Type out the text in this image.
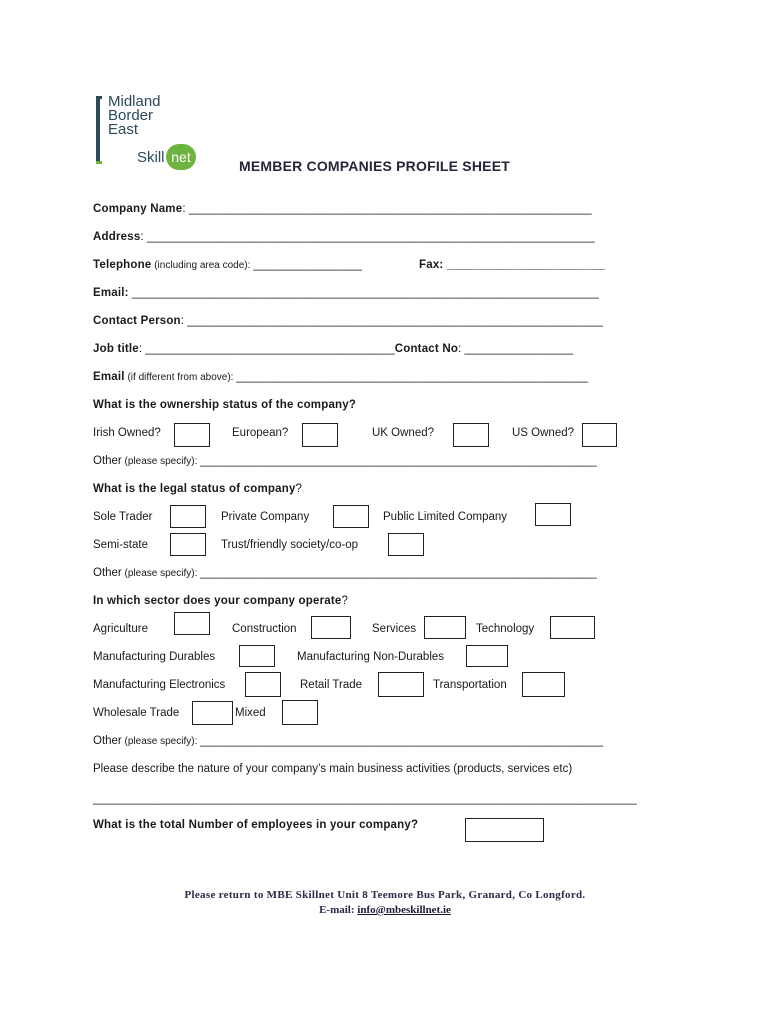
Midland
Border
East
Skill net
MEMBER COMPANIES PROFILE SHEET
Company Name: _______________________________________________________________
Address: ______________________________________________________________________
Telephone (including area code): _________________	Fax: ________________________
Email: _________________________________________________________________________
Contact Person: _________________________________________________________________
Job title: _______________________________________Contact No: _________________
Email (if different from above): _______________________________________________________
What is the ownership status of the company?
Irish Owned?	European?	UK Owned?	US Owned?
Other (please specify): ______________________________________________________________
What is the legal status of company?
Sole Trader	Private Company	Public Limited Company
Semi-state	Trust/friendly society/co-op
Other (please specify): ______________________________________________________________
In which sector does your company operate?
Agriculture	Construction	Services	Technology
Manufacturing Durables	Manufacturing Non-Durables
Manufacturing Electronics	Retail Trade	Transportation
Wholesale Trade	Mixed
Other (please specify): _______________________________________________________________
Please describe the nature of your company’s main business activities (products, services etc)
_____________________________________________________________________________________
What is the total Number of employees in your company?
Please return to MBE Skillnet Unit 8 Teemore Bus Park, Granard, Co Longford.
E-mail: info@mbeskillnet.ie
